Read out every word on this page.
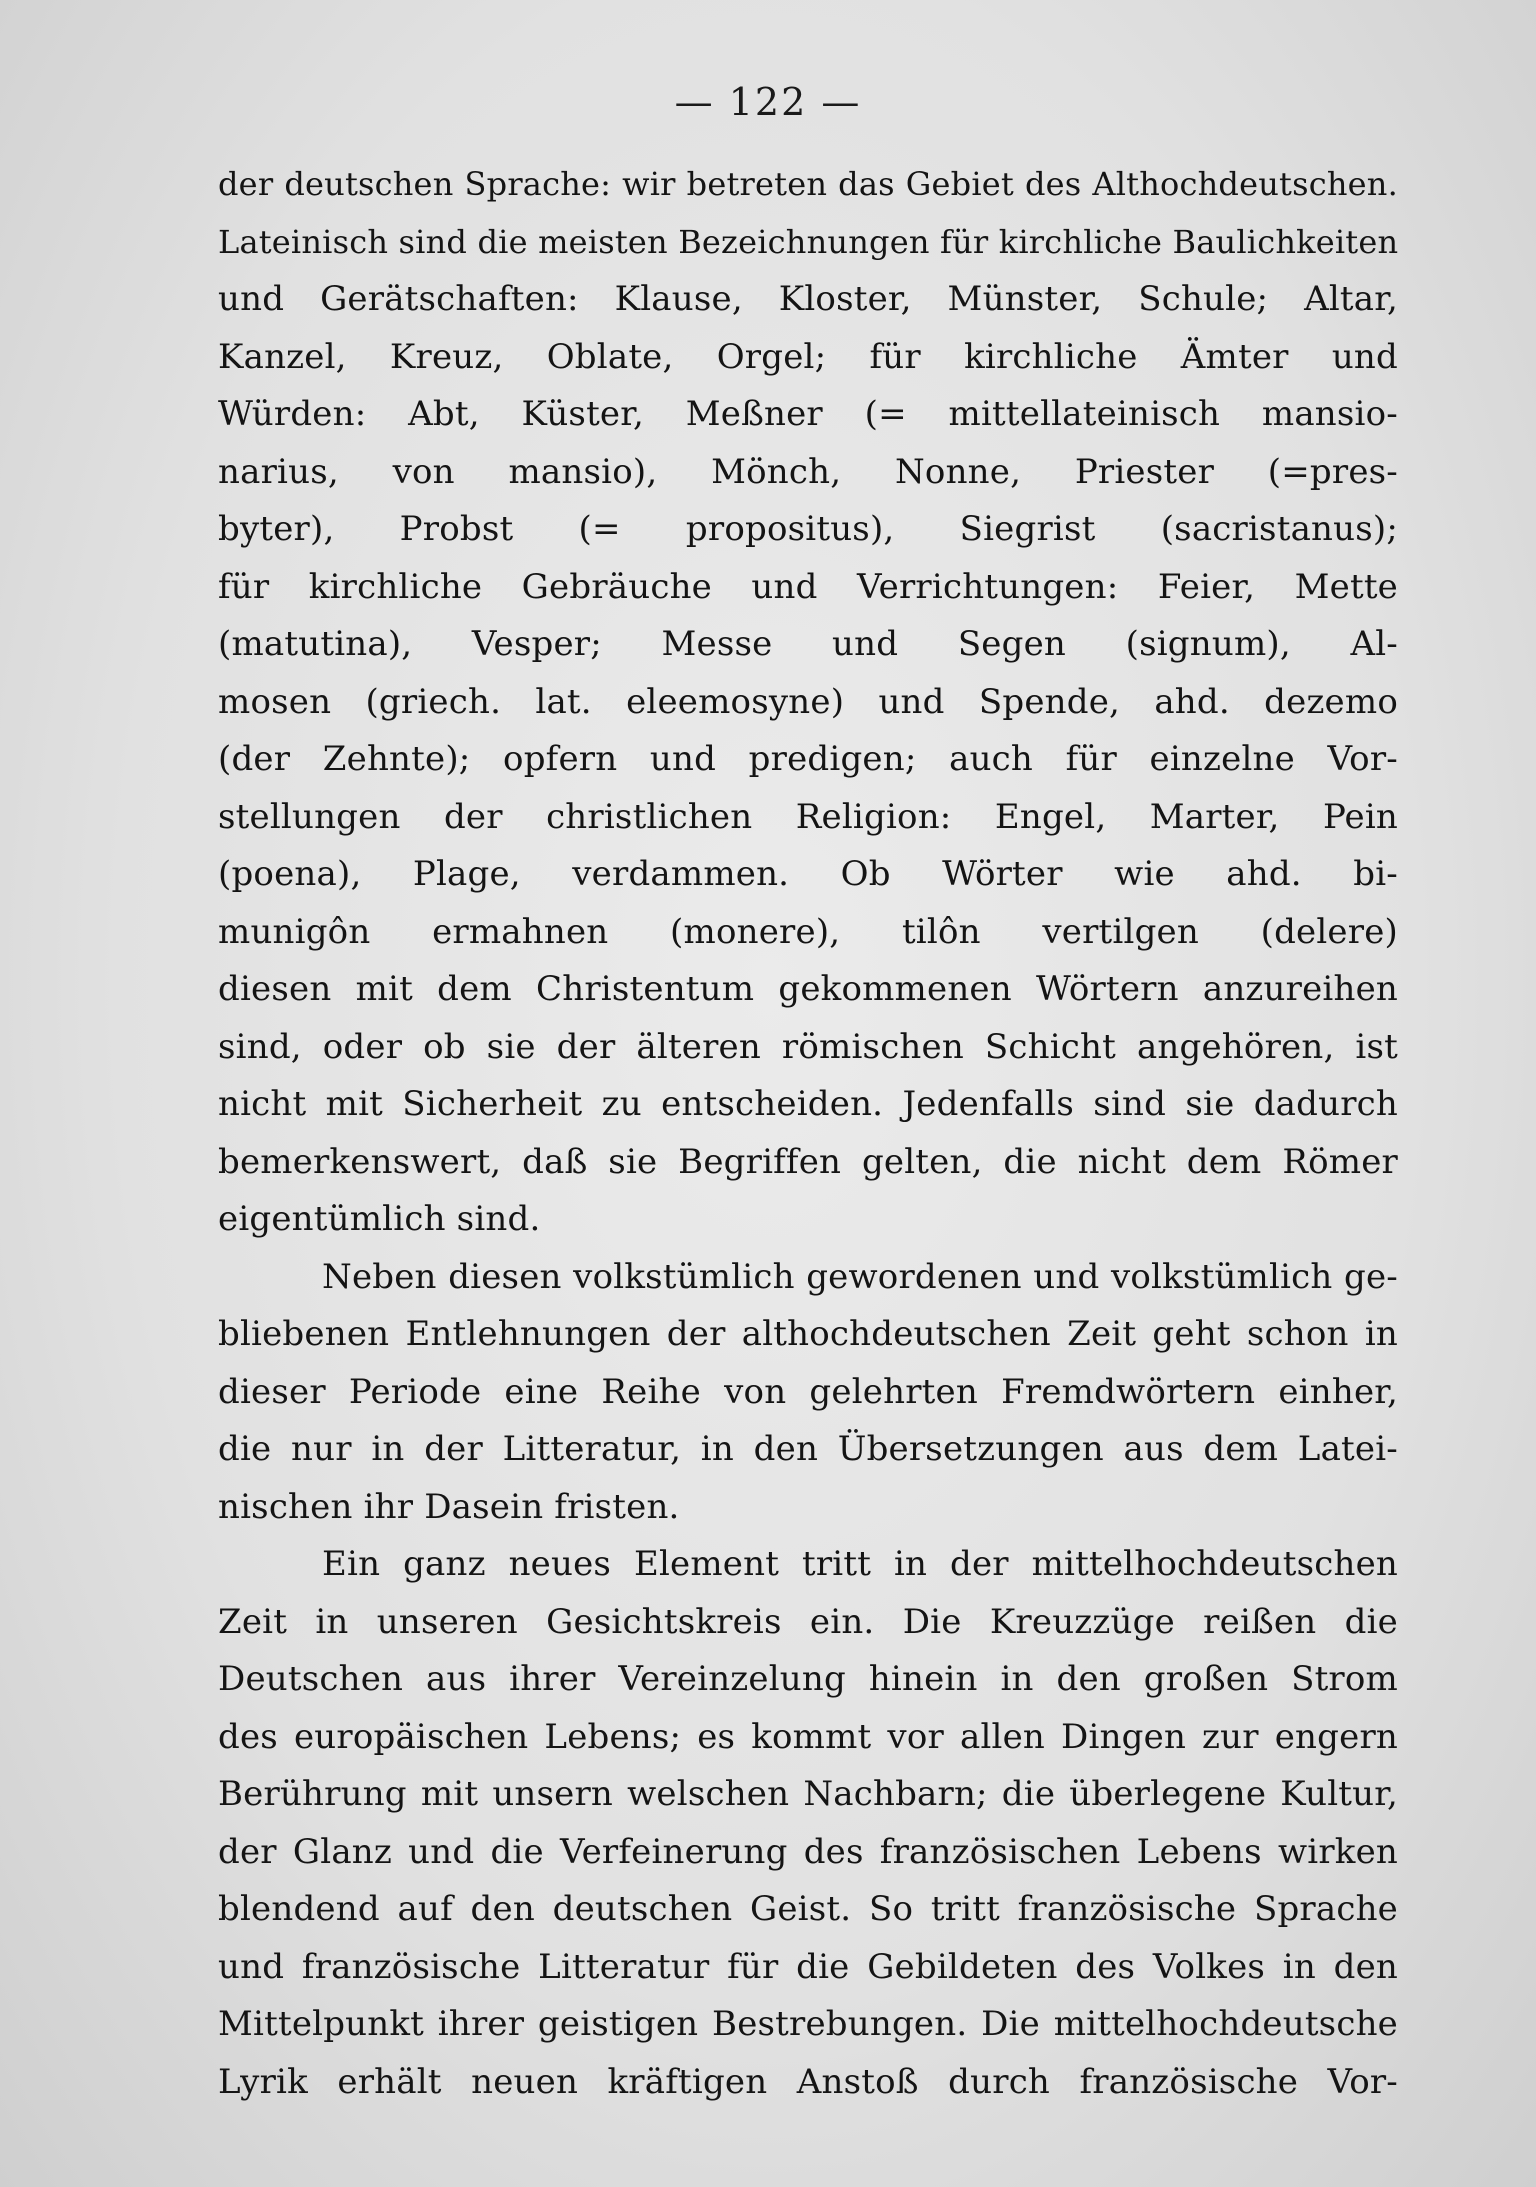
— 122 —
der deutschen Sprache: wir betreten das Gebiet des Althochdeutschen.
Lateinisch sind die meisten Bezeichnungen für kirchliche Baulichkeiten
und Gerätschaften: Klause, Kloster, Münster, Schule; Altar,
Kanzel, Kreuz, Oblate, Orgel; für kirchliche Ämter und
Würden: Abt, Küster, Meßner (= mittellateinisch mansio-
narius, von mansio), Mönch, Nonne, Priester (=pres-
byter), Probst (= propositus), Siegrist (sacristanus);
für kirchliche Gebräuche und Verrichtungen: Feier, Mette
(matutina), Vesper; Messe und Segen (signum), Al-
mosen (griech. lat. eleemosyne) und Spende, ahd. dezemo
(der Zehnte); opfern und predigen; auch für einzelne Vor-
stellungen der christlichen Religion: Engel, Marter, Pein
(poena), Plage, verdammen. Ob Wörter wie ahd. bi-
munigôn ermahnen (monere), tilôn vertilgen (delere)
diesen mit dem Christentum gekommenen Wörtern anzureihen
sind, oder ob sie der älteren römischen Schicht angehören, ist
nicht mit Sicherheit zu entscheiden. Jedenfalls sind sie dadurch
bemerkenswert, daß sie Begriffen gelten, die nicht dem Römer
eigentümlich sind.
Neben diesen volkstümlich gewordenen und volkstümlich ge-
bliebenen Entlehnungen der althochdeutschen Zeit geht schon in
dieser Periode eine Reihe von gelehrten Fremdwörtern einher,
die nur in der Litteratur, in den Übersetzungen aus dem Latei-
nischen ihr Dasein fristen.
Ein ganz neues Element tritt in der mittelhochdeutschen
Zeit in unseren Gesichtskreis ein. Die Kreuzzüge reißen die
Deutschen aus ihrer Vereinzelung hinein in den großen Strom
des europäischen Lebens; es kommt vor allen Dingen zur engern
Berührung mit unsern welschen Nachbarn; die überlegene Kultur,
der Glanz und die Verfeinerung des französischen Lebens wirken
blendend auf den deutschen Geist. So tritt französische Sprache
und französische Litteratur für die Gebildeten des Volkes in den
Mittelpunkt ihrer geistigen Bestrebungen. Die mittelhochdeutsche
Lyrik erhält neuen kräftigen Anstoß durch französische Vor-
